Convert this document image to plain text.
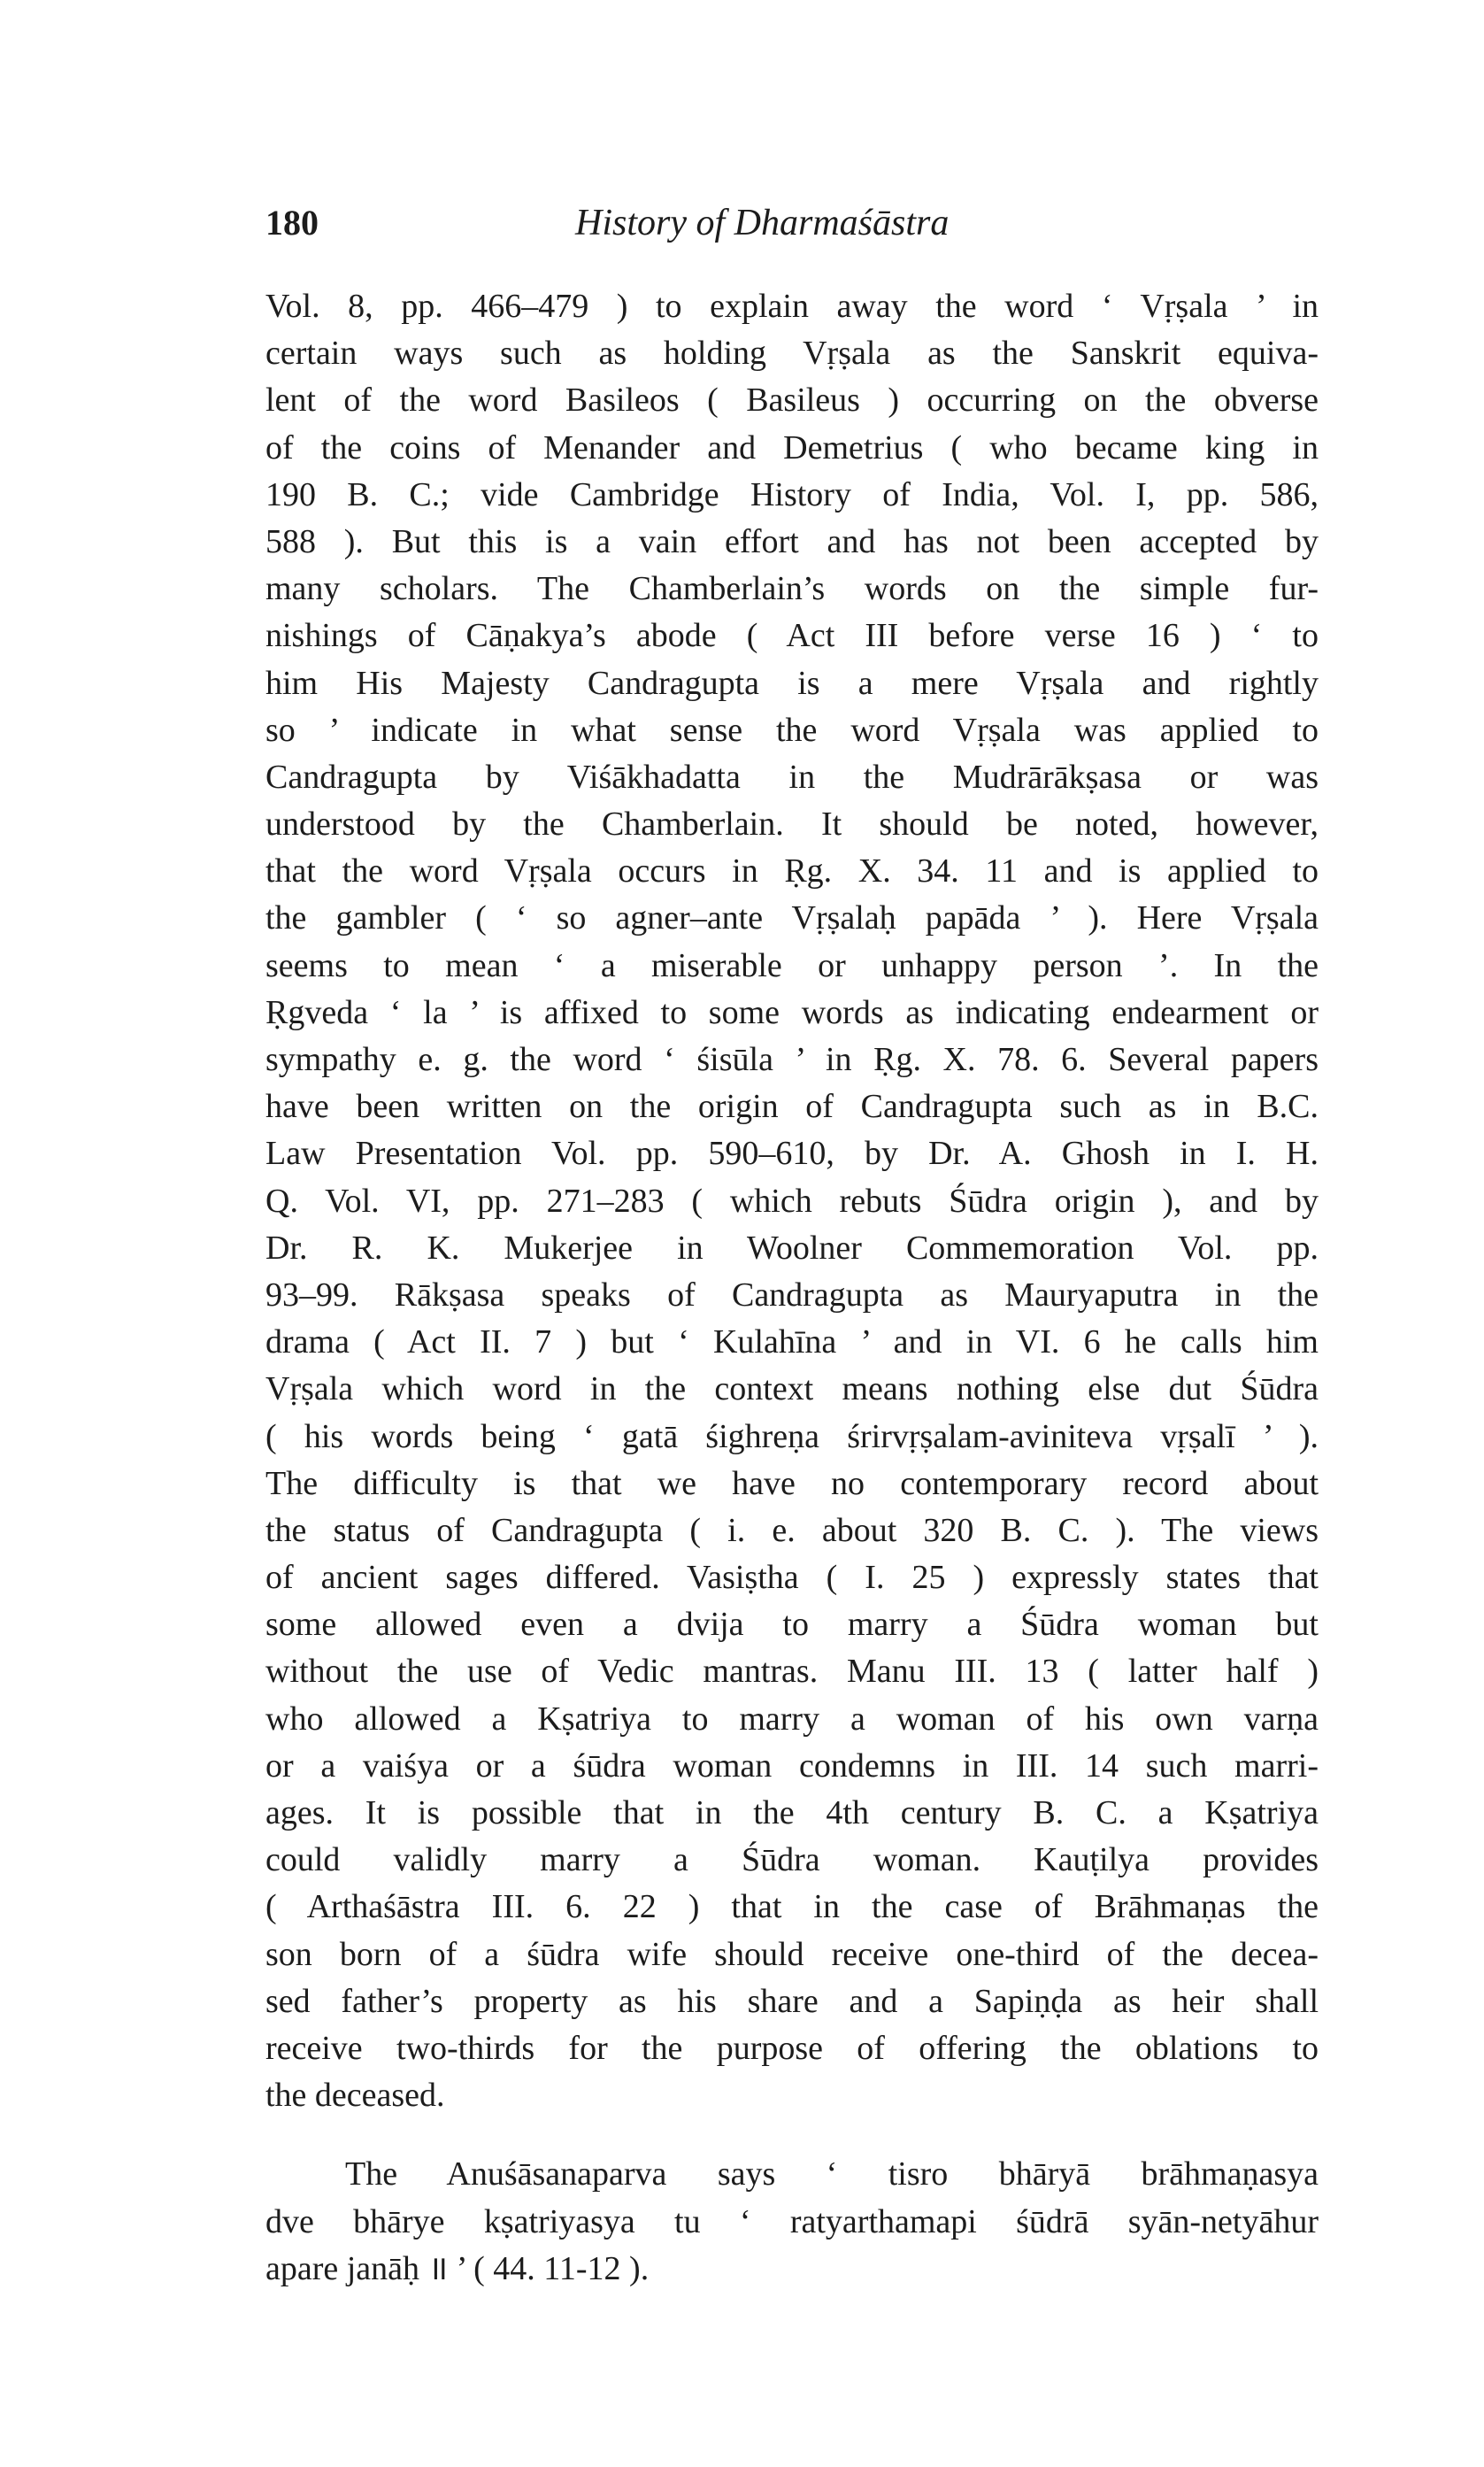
180	History of Dharmaśāstra
Vol. 8, pp. 466–479 ) to explain away the word ‘ Vṛṣala ’ in
certain ways such as holding Vṛṣala as the Sanskrit equiva-
lent of the word Basileos ( Basileus ) occurring on the obverse
of the coins of Menander and Demetrius ( who became king in
190 B. C.; vide Cambridge History of India, Vol. I, pp. 586,
588 ). But this is a vain effort and has not been accepted by
many scholars. The Chamberlain’s words on the simple fur-
nishings of Cāṇakya’s abode ( Act III before verse 16 ) ‘ to
him His Majesty Candragupta is a mere Vṛṣala and rightly
so ’ indicate in what sense the word Vṛṣala was applied to
Candragupta by Viśākhadatta in the Mudrārākṣasa or was
understood by the Chamberlain. It should be noted, however,
that the word Vṛṣala occurs in Ṛg. X. 34. 11 and is applied to
the gambler ( ‘ so agner–ante Vṛṣalaḥ papāda ’ ). Here Vṛṣala
seems to mean ‘ a miserable or unhappy person ’. In the
Ṛgveda ‘ la ’ is affixed to some words as indicating endearment or
sympathy e. g. the word ‘ śisūla ’ in Ṛg. X. 78. 6. Several papers
have been written on the origin of Candragupta such as in B.C.
Law Presentation Vol. pp. 590–610, by Dr. A. Ghosh in I. H.
Q. Vol. VI, pp. 271–283 ( which rebuts Śūdra origin ), and by
Dr. R. K. Mukerjee in Woolner Commemoration Vol. pp.
93–99. Rākṣasa speaks of Candragupta as Mauryaputra in the
drama ( Act II. 7 ) but ‘ Kulahīna ’ and in VI. 6 he calls him
Vṛṣala which word in the context means nothing else dut Śūdra
( his words being ‘ gatā śighreṇa śrirvṛṣalam-aviniteva vṛṣalī ’ ).
The difficulty is that we have no contemporary record about
the status of Candragupta ( i. e. about 320 B. C. ). The views
of ancient sages differed. Vasiṣtha ( I. 25 ) expressly states that
some allowed even a dvija to marry a Śūdra woman but
without the use of Vedic mantras. Manu III. 13 ( latter half )
who allowed a Kṣatriya to marry a woman of his own varṇa
or a vaiśya or a śūdra woman condemns in III. 14 such marri-
ages. It is possible that in the 4th century B. C. a Kṣatriya
could validly marry a Śūdra woman. Kauṭilya provides
( Arthaśāstra III. 6. 22 ) that in the case of Brāhmaṇas the
son born of a śūdra wife should receive one-third of the decea-
sed father’s property as his share and a Sapiṇḍa as heir shall
receive two-thirds for the purpose of offering the oblations to
the deceased.
The Anuśāsanaparva says ‘ tisro bhāryā brāhmaṇasya
dve bhārye kṣatriyasya tu ‘ ratyarthamapi śūdrā syān-netyāhur
apare janāḥ ॥ ’ ( 44. 11-12 ).
